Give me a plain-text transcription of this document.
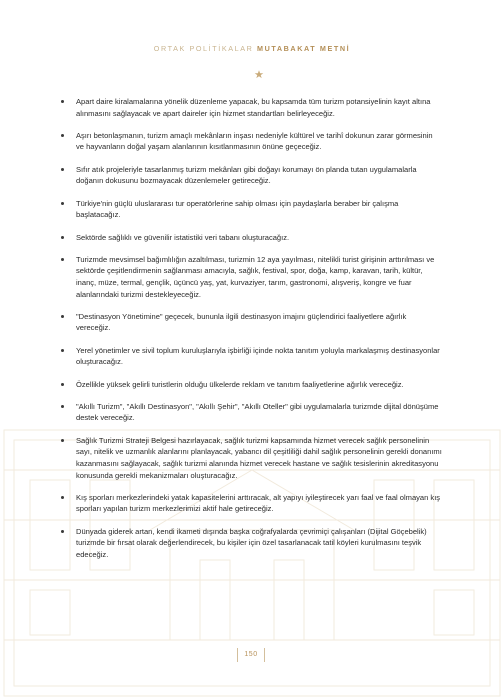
ORTAK POLİTİKALAR MUTABAKAT METNİ
Apart daire kiralamalarına yönelik düzenleme yapacak, bu kapsamda tüm turizm potansiyelinin kayıt altına alınmasını sağlayacak ve apart daireler için hizmet standartları belirleyeceğiz.
Aşırı betonlaşmanın, turizm amaçlı mekânların inşası nedeniyle kültürel ve tarihî dokunun zarar görmesinin ve hayvanların doğal yaşam alanlarının kısıtlanmasının önüne geçeceğiz.
Sıfır atık projeleriyle tasarlanmış turizm mekânları gibi doğayı korumayı ön planda tutan uygulamalarla doğanın dokusunu bozmayacak düzenlemeler getireceğiz.
Türkiye'nin güçlü uluslararası tur operatörlerine sahip olması için paydaşlarla beraber bir çalışma başlatacağız.
Sektörde sağlıklı ve güvenilir istatistiki veri tabanı oluşturacağız.
Turizmde mevsimsel bağımlılığın azaltılması, turizmin 12 aya yayılması, nitelikli turist girişinin arttırılması ve sektörde çeşitlendirmenin sağlanması amacıyla, sağlık, festival, spor, doğa, kamp, karavan, tarih, kültür, inanç, müze, termal, gençlik, üçüncü yaş, yat, kurvaziyer, tarım, gastronomi, alışveriş, kongre ve fuar alanlarındaki turizmi destekleyeceğiz.
"Destinasyon Yönetimine" geçecek, bununla ilgili destinasyon imajını güçlendirici faaliyetlere ağırlık vereceğiz.
Yerel yönetimler ve sivil toplum kuruluşlarıyla işbirliği içinde nokta tanıtım yoluyla markalaşmış destinasyonlar oluşturacağız.
Özellikle yüksek gelirli turistlerin olduğu ülkelerde reklam ve tanıtım faaliyetlerine ağırlık vereceğiz.
"Akıllı Turizm", "Akıllı Destinasyon", "Akıllı Şehir", "Akıllı Oteller" gibi uygulamalarla turizmde dijital dönüşüme destek vereceğiz.
Sağlık Turizmi Strateji Belgesi hazırlayacak, sağlık turizmi kapsamında hizmet verecek sağlık personelinin sayı, nitelik ve uzmanlık alanlarını planlayacak, yabancı dil çeşitliliği dahil sağlık personelinin gerekli donanımı kazanmasını sağlayacak, sağlık turizmi alanında hizmet verecek hastane ve sağlık tesislerinin akreditasyonu konusunda gerekli mekanizmaları oluşturacağız.
Kış sporları merkezlerindeki yatak kapasitelerini arttıracak, alt yapıyı iyileştirecek yarı faal ve faal olmayan kış sporları yapılan turizm merkezlerimizi aktif hale getireceğiz.
Dünyada giderek artan, kendi ikameti dışında başka coğrafyalarda çevrimiçi çalışanları (Dijital Göçebelik) turizmde bir fırsat olarak değerlendirecek, bu kişiler için özel tasarlanacak tatil köyleri kurulmasını teşvik edeceğiz.
150
